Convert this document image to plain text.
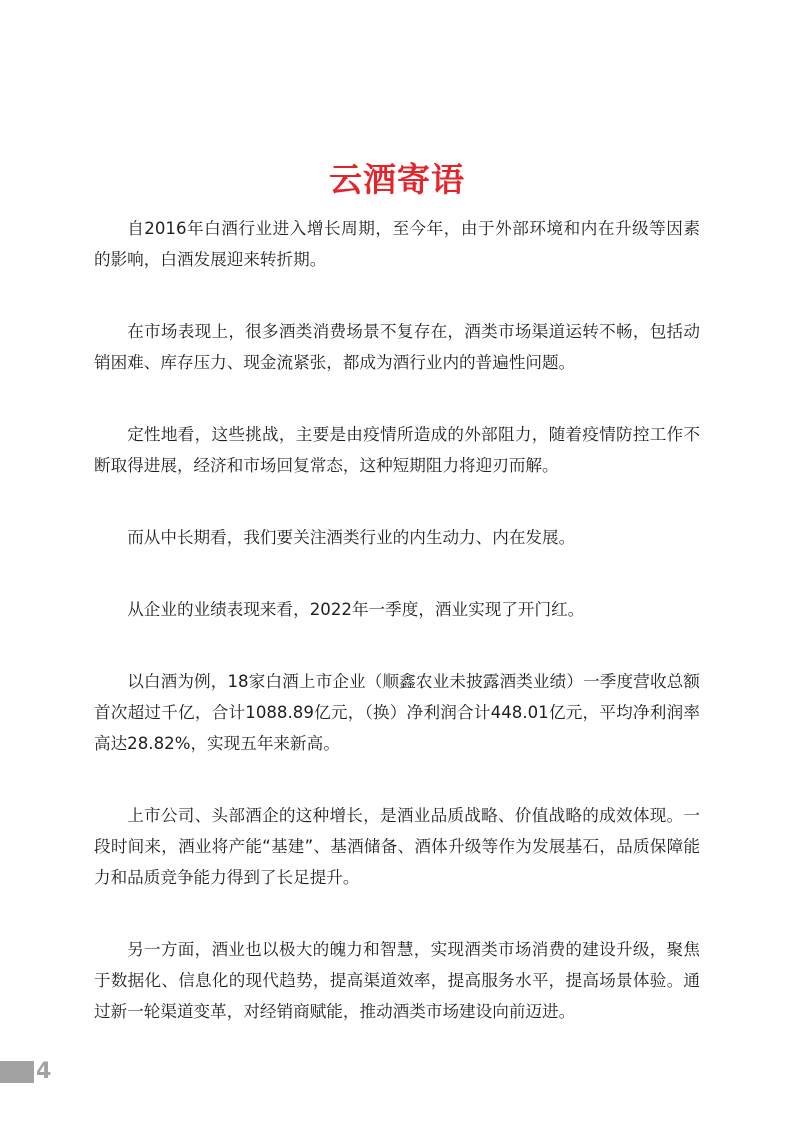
云酒寄语

自2016年白酒行业进入增长周期，至今年，由于外部环境和内在升级等因素的影响，白酒发展迎来转折期。

在市场表现上，很多酒类消费场景不复存在，酒类市场渠道运转不畅，包括动销困难、库存压力、现金流紧张，都成为酒行业内的普遍性问题。

定性地看，这些挑战，主要是由疫情所造成的外部阻力，随着疫情防控工作不断取得进展，经济和市场回复常态，这种短期阻力将迎刃而解。

而从中长期看，我们要关注酒类行业的内生动力、内在发展。

从企业的业绩表现来看，2022年一季度，酒业实现了开门红。

以白酒为例，18家白酒上市企业（顺鑫农业未披露酒类业绩）一季度营收总额首次超过千亿，合计1088.89亿元，（换）净利润合计448.01亿元，平均净利润率高达28.82%，实现五年来新高。

上市公司、头部酒企的这种增长，是酒业品质战略、价值战略的成效体现。一段时间来，酒业将产能“基建”、基酒储备、酒体升级等作为发展基石，品质保障能力和品质竞争能力得到了长足提升。

另一方面，酒业也以极大的魄力和智慧，实现酒类市场消费的建设升级，聚焦于数据化、信息化的现代趋势，提高渠道效率，提高服务水平，提高场景体验。通过新一轮渠道变革，对经销商赋能，推动酒类市场建设向前迈进。

4
